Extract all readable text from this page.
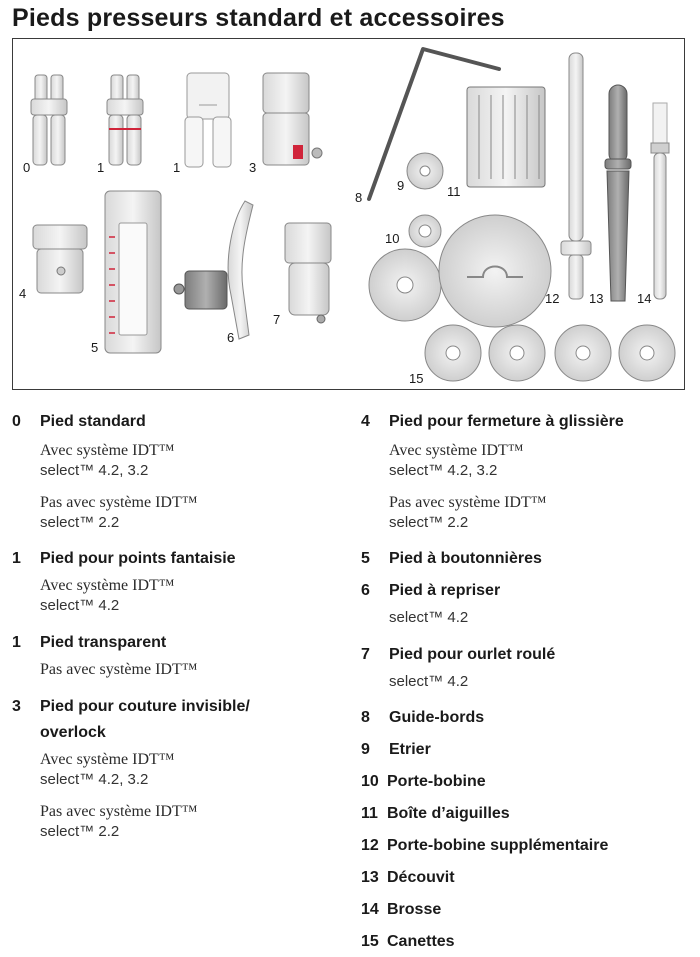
Pieds presseurs standard et accessoires
0	1	1	3
4
5
6
7
8
9
10
11
12 13	14
15
0 Pied standard
Avec système IDT™
select™ 4.2, 3.2
Pas avec système IDT™
select™ 2.2
1 Pied pour points fantaisie
Avec système IDT™
select™ 4.2
1 Pied transparent
Pas avec système IDT™
3 Pied pour couture invisible/
overlock
Avec système IDT™
select™ 4.2, 3.2
Pas avec système IDT™
select™ 2.2
4 Pied pour fermeture à glissière
Avec système IDT™
select™ 4.2, 3.2
Pas avec système IDT™
select™ 2.2
5 Pied à boutonnières
6 Pied à repriser
select™ 4.2
7 Pied pour ourlet roulé
select™ 4.2
8 Guide-bords
9 Etrier
10 Porte-bobine
11 Boîte d’aiguilles
12 Porte-bobine supplémentaire
13 Découvit
14 Brosse
15 Canettes
